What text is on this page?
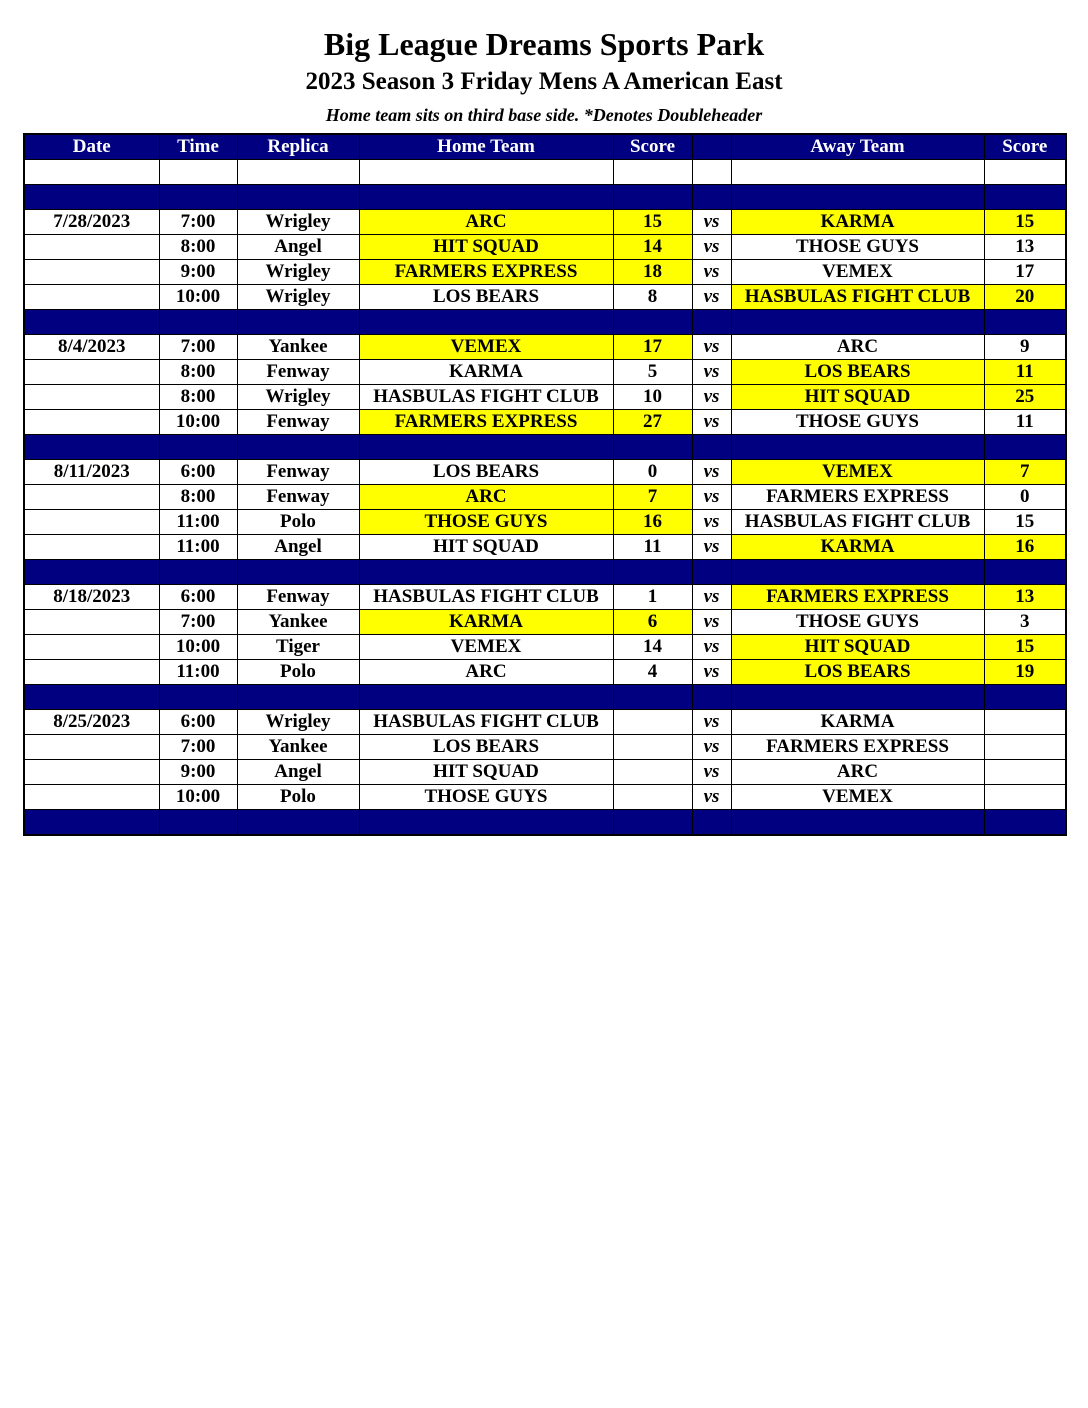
Big League Dreams Sports Park
2023 Season 3 Friday Mens A American East
Home team sits on third base side. *Denotes Doubleheader
Date	Time	Replica	Home Team	Score		Away Team	Score

7/28/2023	7:00	Wrigley	ARC	15	vs	KARMA	15
	8:00	Angel	HIT SQUAD	14	vs	THOSE GUYS	13
	9:00	Wrigley	FARMERS EXPRESS	18	vs	VEMEX	17
	10:00	Wrigley	LOS BEARS	8	vs	HASBULAS FIGHT CLUB	20

8/4/2023	7:00	Yankee	VEMEX	17	vs	ARC	9
	8:00	Fenway	KARMA	5	vs	LOS BEARS	11
	8:00	Wrigley	HASBULAS FIGHT CLUB	10	vs	HIT SQUAD	25
	10:00	Fenway	FARMERS EXPRESS	27	vs	THOSE GUYS	11

8/11/2023	6:00	Fenway	LOS BEARS	0	vs	VEMEX	7
	8:00	Fenway	ARC	7	vs	FARMERS EXPRESS	0
	11:00	Polo	THOSE GUYS	16	vs	HASBULAS FIGHT CLUB	15
	11:00	Angel	HIT SQUAD	11	vs	KARMA	16

8/18/2023	6:00	Fenway	HASBULAS FIGHT CLUB	1	vs	FARMERS EXPRESS	13
	7:00	Yankee	KARMA	6	vs	THOSE GUYS	3
	10:00	Tiger	VEMEX	14	vs	HIT SQUAD	15
	11:00	Polo	ARC	4	vs	LOS BEARS	19

8/25/2023	6:00	Wrigley	HASBULAS FIGHT CLUB		vs	KARMA	
	7:00	Yankee	LOS BEARS		vs	FARMERS EXPRESS	
	9:00	Angel	HIT SQUAD		vs	ARC	
	10:00	Polo	THOSE GUYS		vs	VEMEX	
